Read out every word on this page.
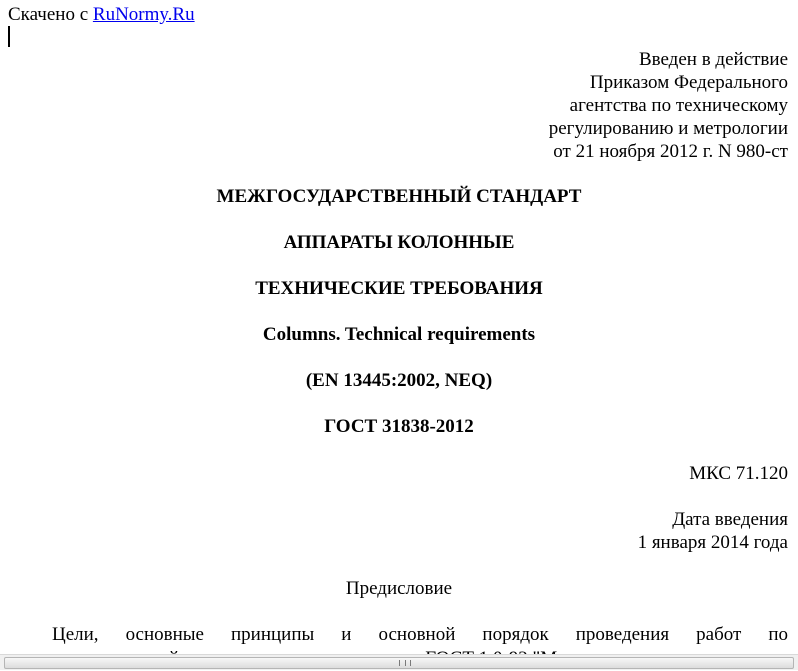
Скачено с RuNormy.Ru
Введен в действие
Приказом Федерального
агентства по техническому
регулированию и метрологии
от 21 ноября 2012 г. N 980-ст
МЕЖГОСУДАРСТВЕННЫЙ СТАНДАРТ
АППАРАТЫ КОЛОННЫЕ
ТЕХНИЧЕСКИЕ ТРЕБОВАНИЯ
Columns. Technical requirements
(EN 13445:2002, NEQ)
ГОСТ 31838-2012
МКС 71.120
Дата введения
1 января 2014 года
Предисловие
Цели, основные принципы и основной порядок проведения работ по
